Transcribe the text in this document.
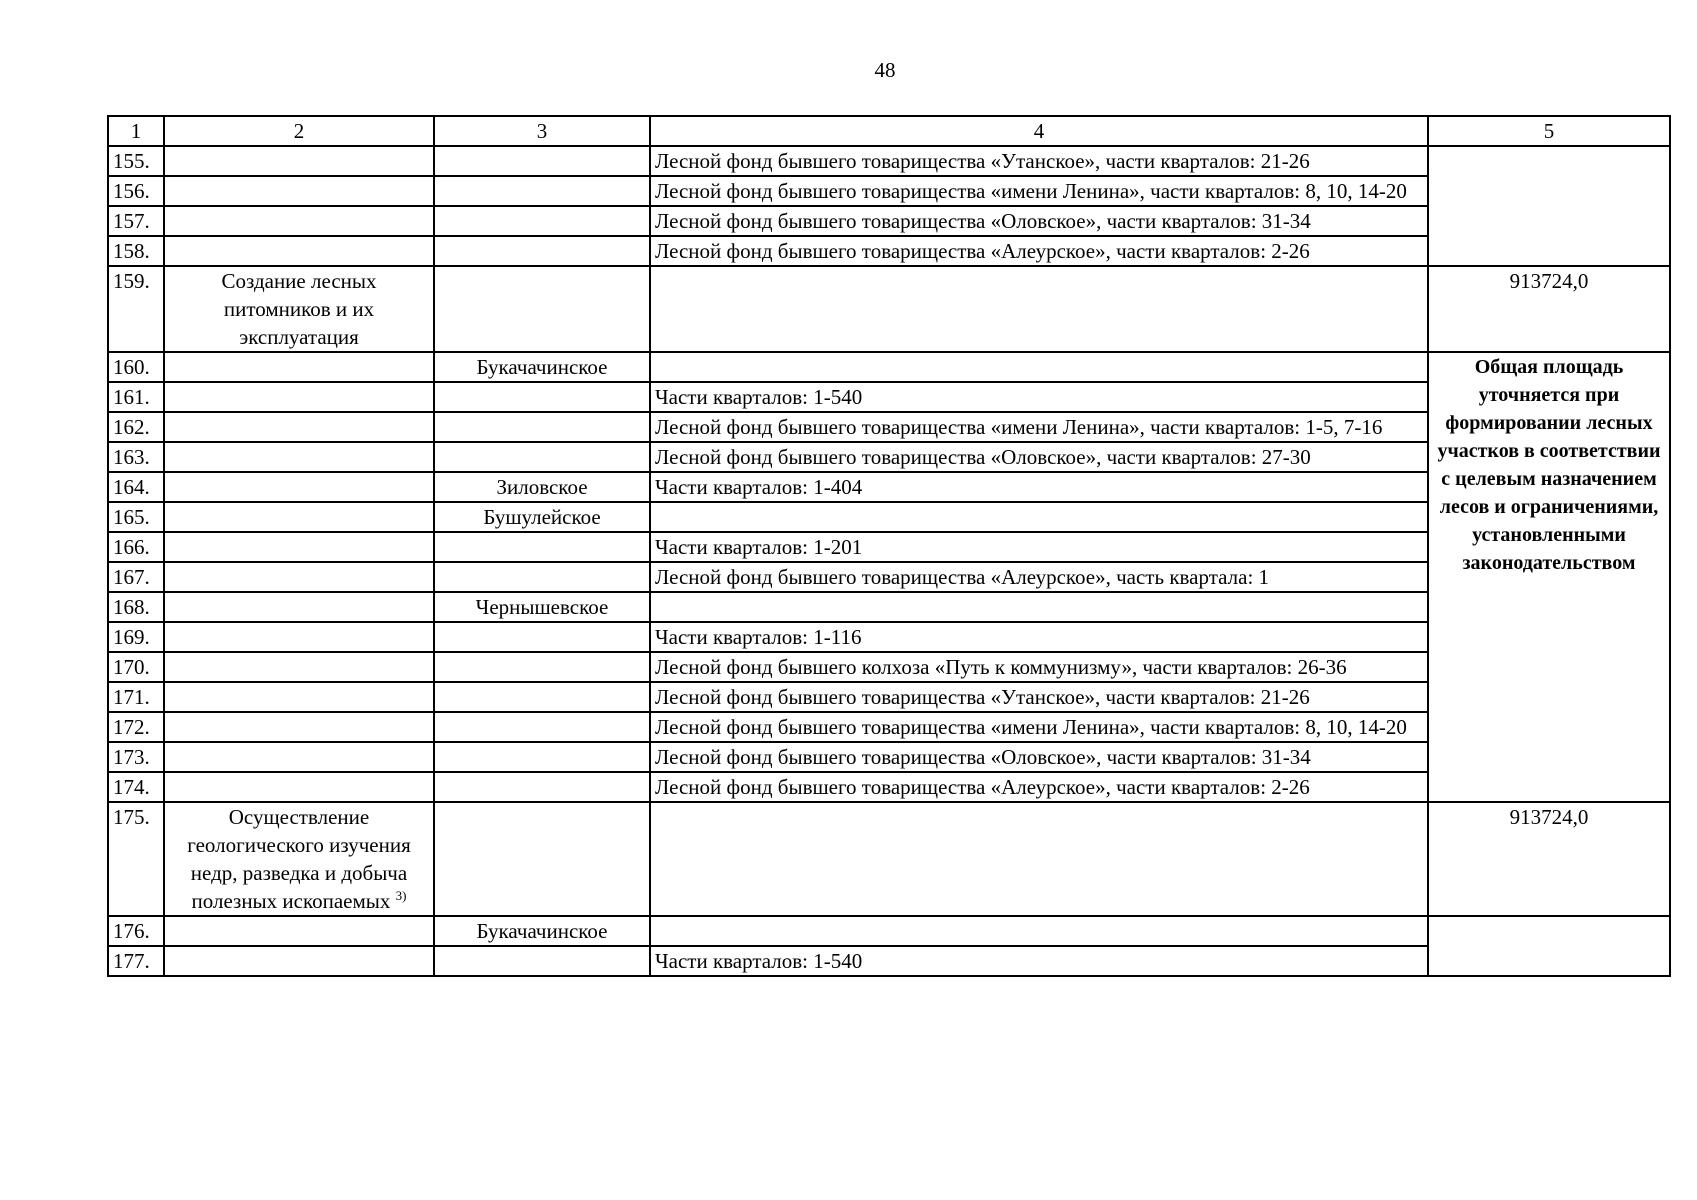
48
1	2	3	4	5
155.			Лесной фонд бывшего товарищества «Утанское», части кварталов: 21-26	
156.			Лесной фонд бывшего товарищества «имени Ленина», части кварталов: 8, 10, 14-20	
157.			Лесной фонд бывшего товарищества «Оловское», части кварталов: 31-34	
158.			Лесной фонд бывшего товарищества «Алеурское», части кварталов: 2-26	
159.	Создание лесных питомников и их эксплуатация			913724,0
160.		Букачачинское		Общая площадь уточняется при формировании лесных участков в соответствии с целевым назначением лесов и ограничениями, установленными законодательством
161.			Части кварталов: 1-540	
162.			Лесной фонд бывшего товарищества «имени Ленина», части кварталов: 1-5, 7-16	
163.			Лесной фонд бывшего товарищества «Оловское», части кварталов: 27-30	
164.		Зиловское	Части кварталов: 1-404	
165.		Бушулейское		
166.			Части кварталов: 1-201	
167.			Лесной фонд бывшего товарищества «Алеурское», часть квартала: 1	
168.		Чернышевское		
169.			Части кварталов: 1-116	
170.			Лесной фонд бывшего колхоза «Путь к коммунизму», части кварталов: 26-36	
171.			Лесной фонд бывшего товарищества «Утанское», части кварталов: 21-26	
172.			Лесной фонд бывшего товарищества «имени Ленина», части кварталов: 8, 10, 14-20	
173.			Лесной фонд бывшего товарищества «Оловское», части кварталов: 31-34	
174.			Лесной фонд бывшего товарищества «Алеурское», части кварталов: 2-26	
175.	Осуществление геологического изучения недр, разведка и добыча полезных ископаемых $^{3)}$			913724,0
176.		Букачачинское		
177.			Части кварталов: 1-540	
